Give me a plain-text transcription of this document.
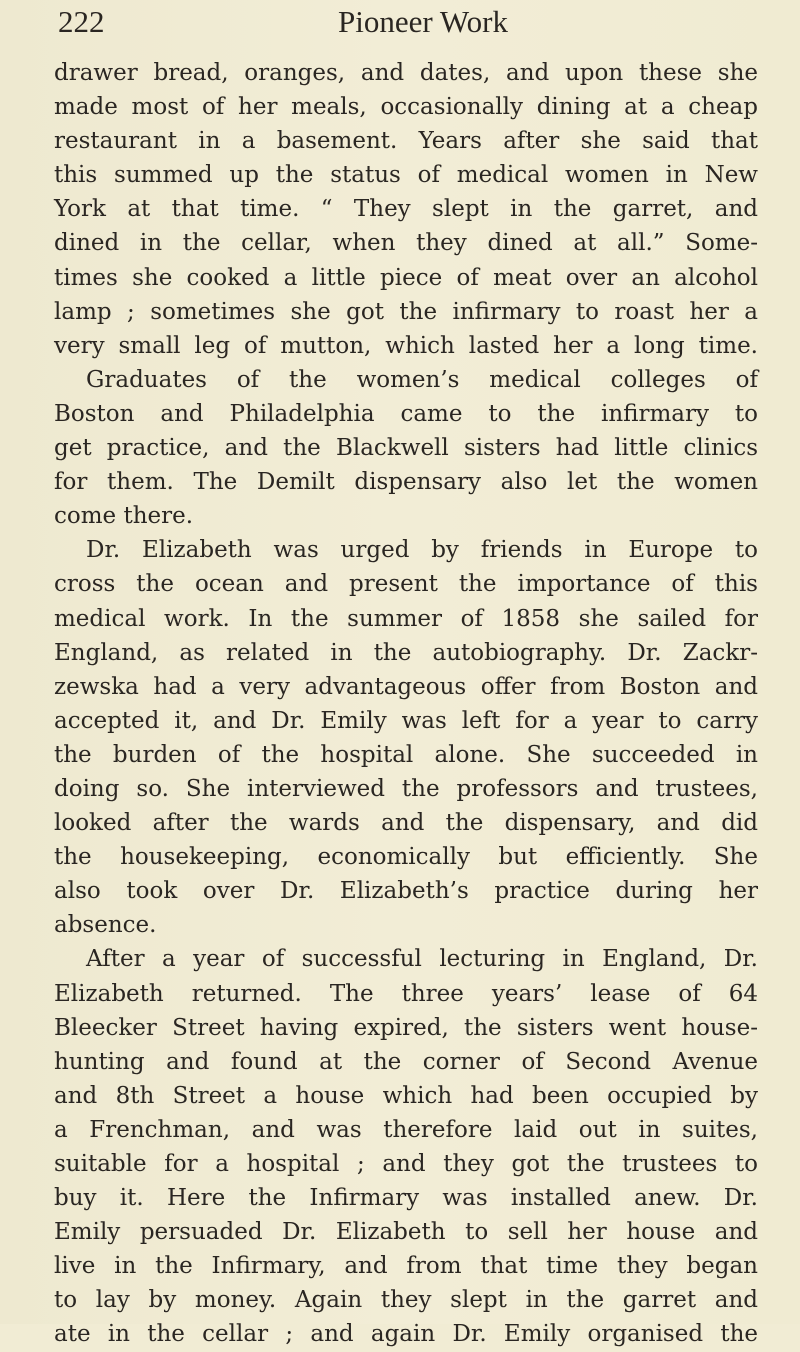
222	Pioneer Work
drawer bread, oranges, and dates, and upon these she
made most of her meals, occasionally dining at a cheap
restaurant in a basement. Years after she said that
this summed up the status of medical women in New
York at that time. “ They slept in the garret, and
dined in the cellar, when they dined at all.” Some-
times she cooked a little piece of meat over an alcohol
lamp ; sometimes she got the infirmary to roast her a
very small leg of mutton, which lasted her a long time.
Graduates of the women’s medical colleges of
Boston and Philadelphia came to the infirmary to
get practice, and the Blackwell sisters had little clinics
for them. The Demilt dispensary also let the women
come there.
Dr. Elizabeth was urged by friends in Europe to
cross the ocean and present the importance of this
medical work. In the summer of 1858 she sailed for
England, as related in the autobiography. Dr. Zackr-
zewska had a very advantageous offer from Boston and
accepted it, and Dr. Emily was left for a year to carry
the burden of the hospital alone. She succeeded in
doing so. She interviewed the professors and trustees,
looked after the wards and the dispensary, and did
the housekeeping, economically but efficiently. She
also took over Dr. Elizabeth’s practice during her
absence.
After a year of successful lecturing in England, Dr.
Elizabeth returned. The three years’ lease of 64
Bleecker Street having expired, the sisters went house-
hunting and found at the corner of Second Avenue
and 8th Street a house which had been occupied by
a Frenchman, and was therefore laid out in suites,
suitable for a hospital ; and they got the trustees to
buy it. Here the Infirmary was installed anew. Dr.
Emily persuaded Dr. Elizabeth to sell her house and
live in the Infirmary, and from that time they began
to lay by money. Again they slept in the garret and
ate in the cellar ; and again Dr. Emily organised the
